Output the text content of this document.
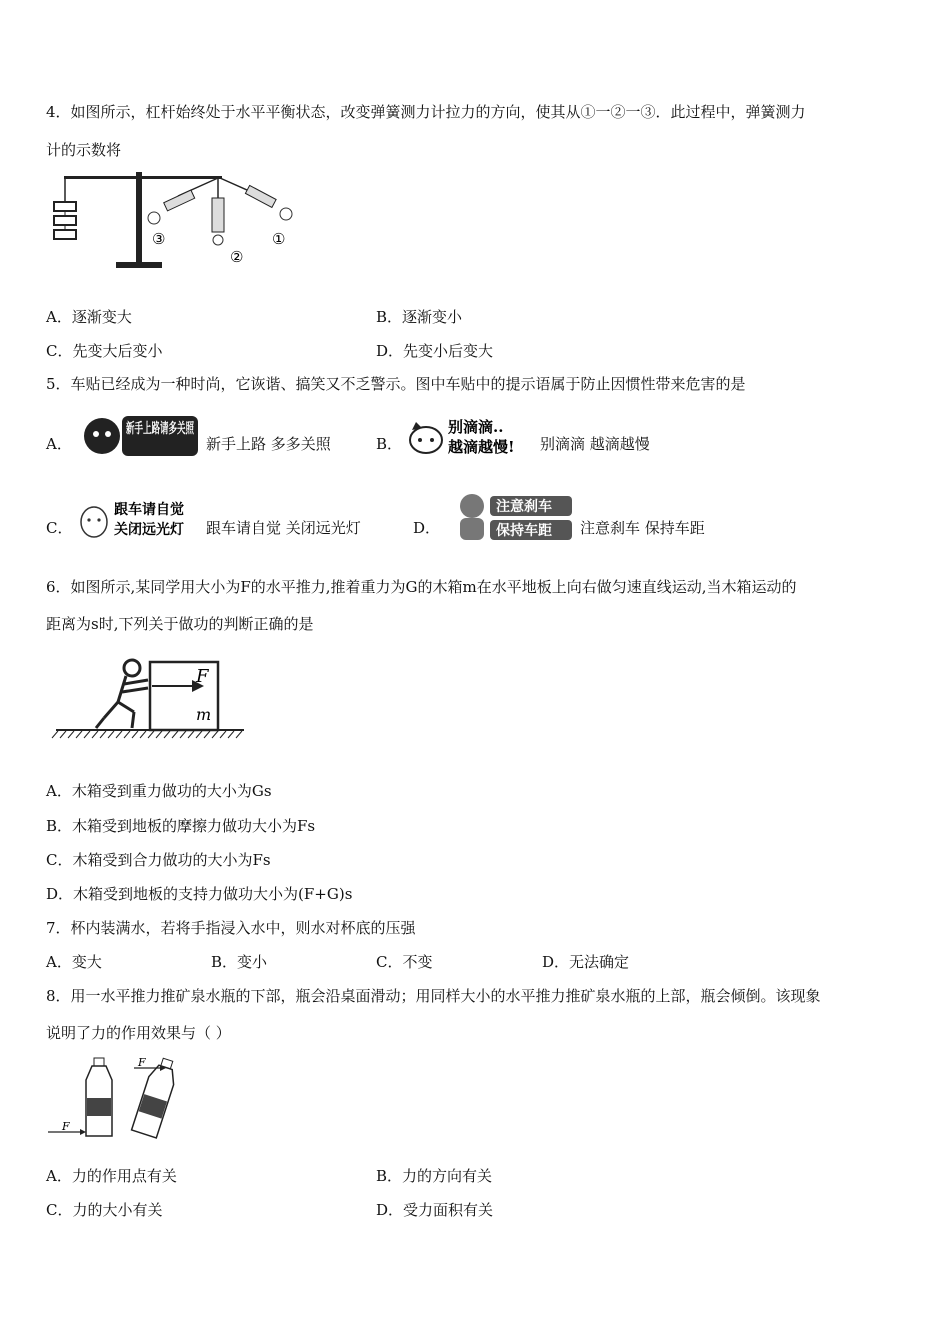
4．如图所示，杠杆始终处于水平平衡状态，改变弹簧测力计拉力的方向，使其从①一②一③．此过程中，弹簧测力
计的示数将
③
②
①
A．逐渐变大	B．逐渐变小
C．先变大后变小	D．先变小后变大
5．车贴已经成为一种时尚，它诙谐、搞笑又不乏警示。图中车贴中的提示语属于防止因惯性带来危害的是
A．
新手上路请多关照
新手上路 多多关照	B．
别滴滴..
越滴越慢! 别滴滴 越滴越慢
C．
跟车请自觉
关闭远光灯 跟车请自觉 关闭远光灯	D．
注意刹车
保持车距 注意刹车 保持车距
6．如图所示,某同学用大小为F的水平推力,推着重力为G的木箱m在水平地板上向右做匀速直线运动,当木箱运动的
距离为s时,下列关于做功的判断正确的是
F
m
A．木箱受到重力做功的大小为Gs
B．木箱受到地板的摩擦力做功大小为Fs
C．木箱受到合力做功的大小为Fs
D．木箱受到地板的支持力做功大小为(F+G)s
7．杯内装满水，若将手指浸入水中，则水对杯底的压强
A．变大	B．变小	C．不变	D．无法确定
8．用一水平推力推矿泉水瓶的下部，瓶会沿桌面滑动；用同样大小的水平推力推矿泉水瓶的上部，瓶会倾倒。该现象
说明了力的作用效果与（ ）
F
F
A．力的作用点有关	B．力的方向有关
C．力的大小有关	D．受力面积有关
